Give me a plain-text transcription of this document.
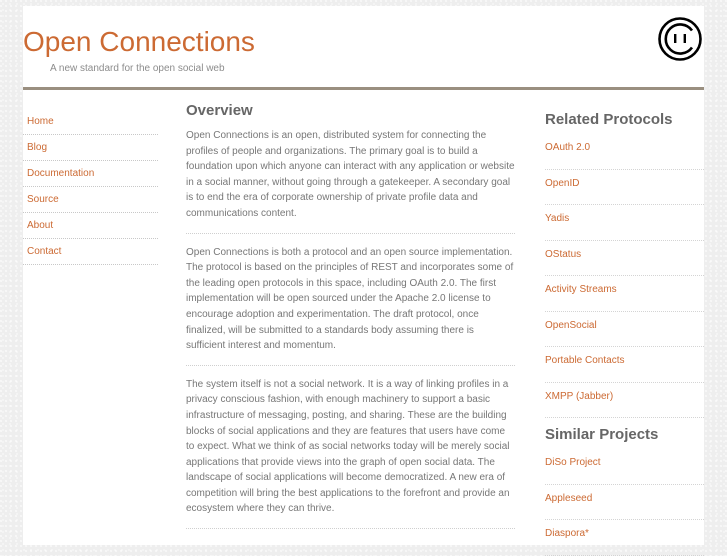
Open Connections
A new standard for the open social web
Home
Blog
Documentation
Source
About
Contact
Overview

Open Connections is an open, distributed system for connecting the profiles of people and organizations. The primary goal is to build a foundation upon which anyone can interact with any application or website in a social manner, without going through a gatekeeper. A secondary goal is to end the era of corporate ownership of private profile data and communications content.

Open Connections is both a protocol and an open source implementation. The protocol is based on the principles of REST and incorporates some of the leading open protocols in this space, including OAuth 2.0. The first implementation will be open sourced under the Apache 2.0 license to encourage adoption and experimentation. The draft protocol, once finalized, will be submitted to a standards body assuming there is sufficient interest and momentum.

The system itself is not a social network. It is a way of linking profiles in a privacy conscious fashion, with enough machinery to support a basic infrastructure of messaging, posting, and sharing. These are the building blocks of social applications and they are features that users have come to expect. What we think of as social networks today will be merely social applications that provide views into the graph of open social data. The landscape of social applications will become democratized. A new era of competition will bring the best applications to the forefront and provide an ecosystem where they can thrive.

Related Protocols
OAuth 2.0
OpenID
Yadis
OStatus
Activity Streams
OpenSocial
Portable Contacts
XMPP (Jabber)
Similar Projects
DiSo Project
Appleseed
Diaspora*
